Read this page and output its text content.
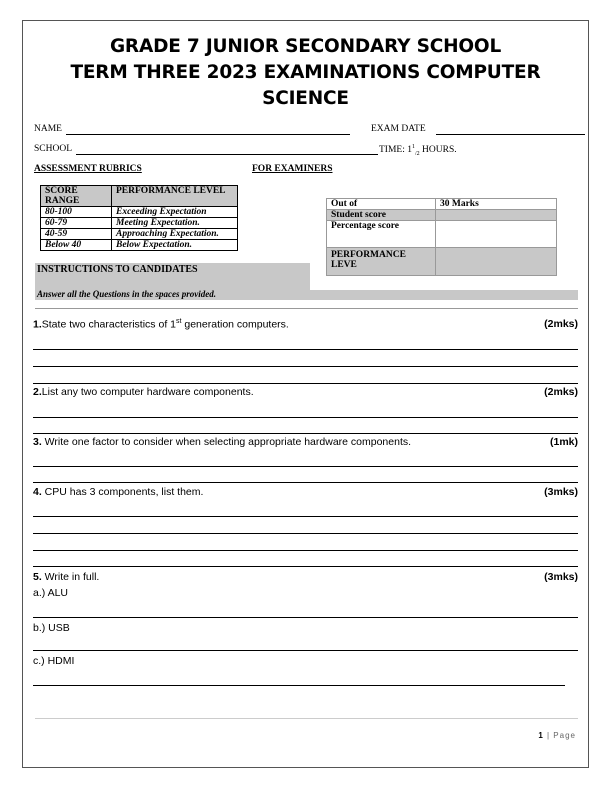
GRADE 7 JUNIOR SECONDARY SCHOOL
TERM THREE 2023 EXAMINATIONS COMPUTER
SCIENCE
NAME	EXAM DATE
SCHOOL	TIME: $1^1_{/2}$ HOURS.
ASSESSMENT RUBRICS	FOR EXAMINERS
SCORE RANGE	PERFORMANCE LEVEL
80-100	Exceeding Expectation
60-79	Meeting Expectation.
40-59	Approaching Expectation.
Below 40	Below Expectation.
INSTRUCTIONS TO CANDIDATES
Answer all the Questions in the spaces provided.
Out of	30 Marks
Student score	
Percentage score	
PERFORMANCE LEVE	
1.State two characteristics of 1st generation computers.	(2mks)
2.List any two computer hardware components.	(2mks)
3. Write one factor to consider when selecting appropriate hardware components.	(1mk)
4. CPU has 3 components, list them.	(3mks)
5. Write in full.	(3mks)
a.) ALU
b.) USB
c.) HDMI
1 | Page
